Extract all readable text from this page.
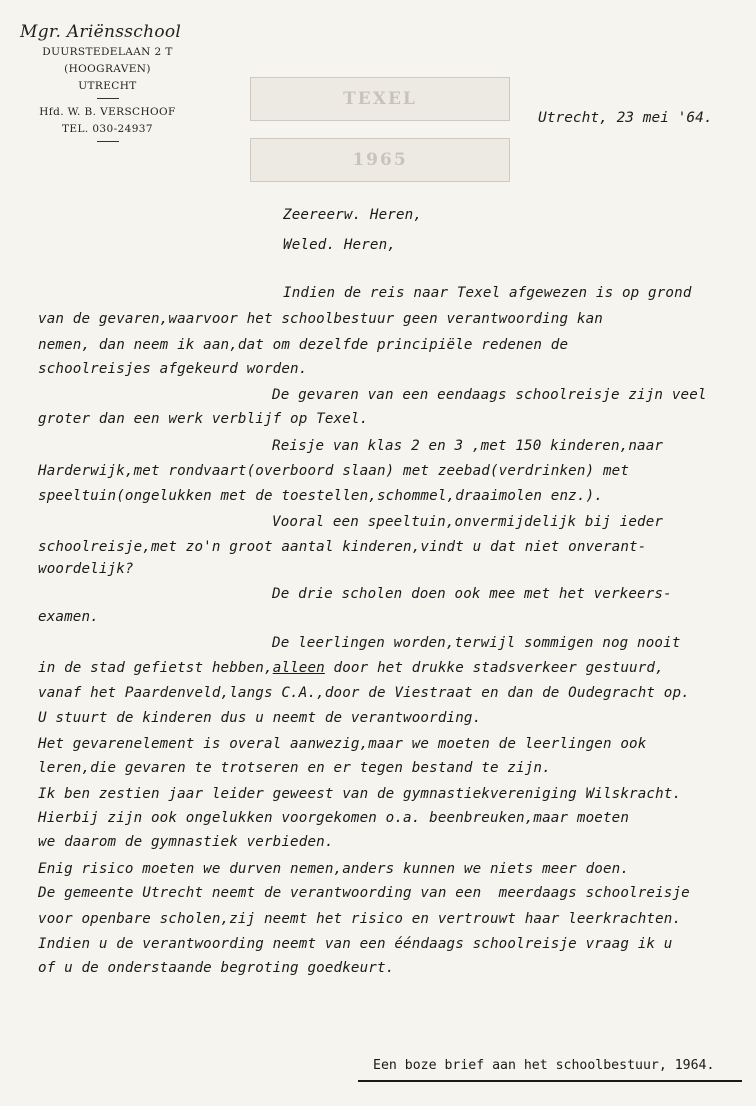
Mgr. Ariënsschool
DUURSTEDELAAN 2 T
(HOOGRAVEN)
UTRECHT
Hfd. W. B. VERSCHOOF
TEL. 030-24937
TEXEL
1965
Utrecht, 23 mei '64.
Zeereerw. Heren,
Weled. Heren,
Indien de reis naar Texel afgewezen is op grond
van de gevaren,waarvoor het schoolbestuur geen verantwoording kan
nemen, dan neem ik aan,dat om dezelfde principiële redenen de
schoolreisjes afgekeurd worden.
De gevaren van een eendaags schoolreisje zijn veel
groter dan een werk verblijf op Texel.
Reisje van klas 2 en 3 ,met 150 kinderen,naar
Harderwijk,met rondvaart(overboord slaan) met zeebad(verdrinken) met
speeltuin(ongelukken met de toestellen,schommel,draaimolen enz.).
Vooral een speeltuin,onvermijdelijk bij ieder
schoolreisje,met zo'n groot aantal kinderen,vindt u dat niet onverant-
woordelijk?
De drie scholen doen ook mee met het verkeers-
examen.
De leerlingen worden,terwijl sommigen nog nooit
in de stad gefietst hebben,alleen door het drukke stadsverkeer gestuurd,
vanaf het Paardenveld,langs C.A.,door de Viestraat en dan de Oudegracht op.
U stuurt de kinderen dus u neemt de verantwoording.
Het gevarenelement is overal aanwezig,maar we moeten de leerlingen ook
leren,die gevaren te trotseren en er tegen bestand te zijn.
Ik ben zestien jaar leider geweest van de gymnastiekvereniging Wilskracht.
Hierbij zijn ook ongelukken voorgekomen o.a. beenbreuken,maar moeten
we daarom de gymnastiek verbieden.
Enig risico moeten we durven nemen,anders kunnen we niets meer doen.
De gemeente Utrecht neemt de verantwoording van een  meerdaags schoolreisje
voor openbare scholen,zij neemt het risico en vertrouwt haar leerkrachten.
Indien u de verantwoording neemt van een ééndaags schoolreisje vraag ik u
of u de onderstaande begroting goedkeurt.
Een boze brief aan het schoolbestuur, 1964.
